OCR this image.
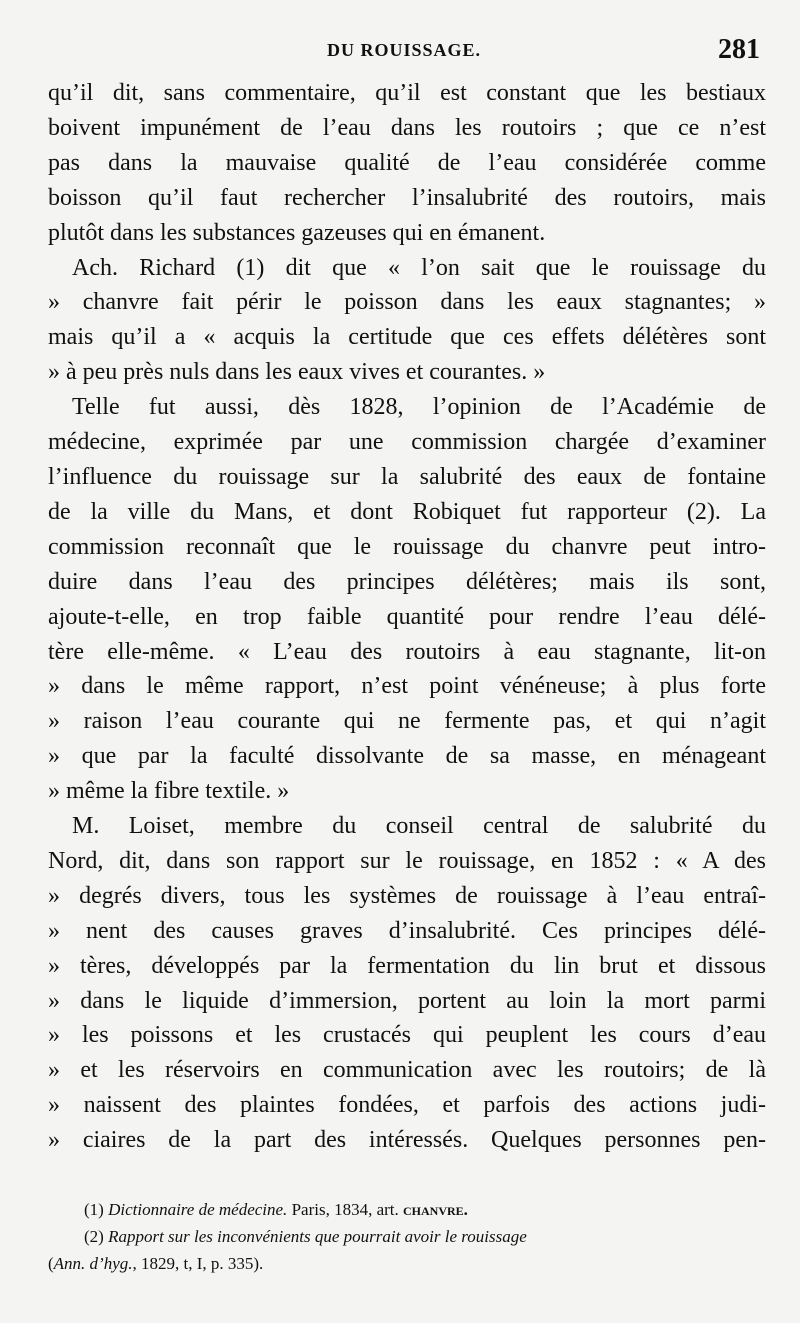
DU ROUISSAGE.	281
qu’il dit, sans commentaire, qu’il est constant que les bestiaux
boivent impunément de l’eau dans les routoirs ; que ce n’est
pas dans la mauvaise qualité de l’eau considérée comme
boisson qu’il faut rechercher l’insalubrité des routoirs, mais
plutôt dans les substances gazeuses qui en émanent.
Ach. Richard (1) dit que « l’on sait que le rouissage du
» chanvre fait périr le poisson dans les eaux stagnantes; »
mais qu’il a « acquis la certitude que ces effets délétères sont
» à peu près nuls dans les eaux vives et courantes. »
Telle fut aussi, dès 1828, l’opinion de l’Académie de
médecine, exprimée par une commission chargée d’examiner
l’influence du rouissage sur la salubrité des eaux de fontaine
de la ville du Mans, et dont Robiquet fut rapporteur (2). La
commission reconnaît que le rouissage du chanvre peut intro-
duire dans l’eau des principes délétères; mais ils sont,
ajoute-t-elle, en trop faible quantité pour rendre l’eau délé-
tère elle-même. « L’eau des routoirs à eau stagnante, lit-on
» dans le même rapport, n’est point vénéneuse; à plus forte
» raison l’eau courante qui ne fermente pas, et qui n’agit
» que par la faculté dissolvante de sa masse, en ménageant
» même la fibre textile. »
M. Loiset, membre du conseil central de salubrité du
Nord, dit, dans son rapport sur le rouissage, en 1852 : « A des
» degrés divers, tous les systèmes de rouissage à l’eau entraî-
» nent des causes graves d’insalubrité. Ces principes délé-
» tères, développés par la fermentation du lin brut et dissous
» dans le liquide d’immersion, portent au loin la mort parmi
» les poissons et les crustacés qui peuplent les cours d’eau
» et les réservoirs en communication avec les routoirs; de là
» naissent des plaintes fondées, et parfois des actions judi-
» ciaires de la part des intéressés. Quelques personnes pen-

(1) Dictionnaire de médecine. Paris, 1834, art. chanvre.

(2) Rapport sur les inconvénients que pourrait avoir le rouissage

(Ann. d’hyg., 1829, t, I, p. 335).
